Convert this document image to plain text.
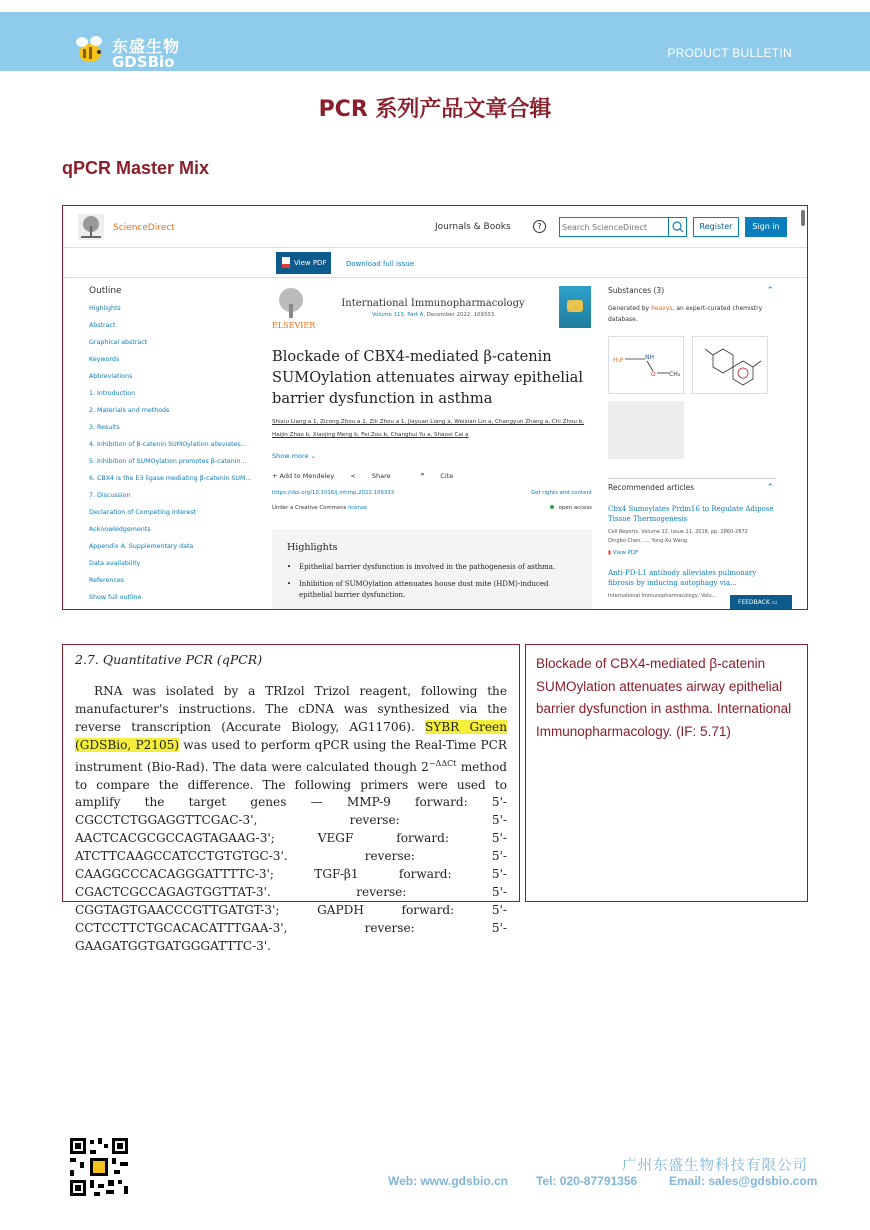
东盛生物
GDSBio	PRODUCT BULLETIN
PCR 系列产品文章合辑
qPCR Master Mix
ScienceDirect	Journals & Books	?
Search ScienceDirect	Register	Sign in
View PDF	Download full issue
Outline
Highlights
Abstract
Graphical abstract
Keywords
Abbreviations
1. Introduction
2. Materials and methods
3. Results
4. Inhibition of β-catenin SUMOylation alleviates...
5. Inhibition of SUMOylation promotes β-catenin...
6. CBX4 is the E3 ligase mediating β-catenin SUM...
7. Discussion
Declaration of Competing Interest
Acknowledgements
Appendix A. Supplementary data
Data availability
References
Show full outline
ELSEVIER
International Immunopharmacology
Volume 113, Part A, December 2022, 109333
Blockade of CBX4-mediated β-catenin SUMOylation attenuates airway epithelial barrier dysfunction in asthma
Shixiu Liang a 1, Zicong Zhou a 1, Zili Zhou a 1, Jiayuan Liang a, Weixian Lin a, Changyun Zhang a, Chi Zhou b, Haijin Zhao b, Xiaojing Meng b, Fei Zou b, Changhui Yu a, Shaoxi Cai a
Show more ⌄
+ Add to Mendeley < Share	❞ Cite
https://doi.org/10.1016/j.intimp.2022.109333	Get rights and content
Under a Creative Commons license	open access
Highlights
• Epithelial barrier dysfunction is involved in the pathogenesis of asthma.
• Inhibition of SUMOylation attenuates house dust mite (HDM)-induced epithelial barrier dysfunction.
Substances (3)	⌃
Generated by Reaxys, an expert-curated chemistry database.
H₂P	NH
O CH₃
Recommended articles	⌃
Cbx4 Sumoylates Prdm16 to Regulate Adipose Tissue Thermogenesis
Cell Reports, Volume 22, Issue 11, 2018, pp. 2860-2872
Qingbo Chen, ..., Yong-Xu Wang
▮ View PDF
Anti-PD-L1 antibody alleviates pulmonary fibrosis by inducing autophagy via...
International Immunopharmacology, Volu...
FEEDBACK ▭
2.7. Quantitative PCR (qPCR)
RNA was isolated by a TRIzol Trizol reagent, following the manufacturer's instructions. The cDNA was synthesized via the reverse transcription (Accurate Biology, AG11706). SYBR Green (GDSBio, P2105) was used to perform qPCR using the Real-Time PCR instrument (Bio-Rad). The data were calculated though $2^{-\Delta\Delta Ct}$ method to compare the difference. The following primers were used to amplify the target genes — MMP-9 forward: 5'-CGCCTCTGGAGGTTCGAC-3', reverse: 5'-AACTCACGCGCCAGTAGAAG-3'; VEGF forward: 5'-ATCTTCAAGCCATCCTGTGTGC-3'. reverse: 5'-CAAGGCCCACAGGGATTTTC-3'; TGF-β1 forward: 5'-CGACTCGCCAGAGTGGTTAT-3'. reverse: 5'-CGGTAGTGAACCCGTTGATGT-3'; GAPDH forward: 5'-CCTCCTTCTGCACACATTTGAA-3', reverse: 5'-GAAGATGGTGATGGGATTTC-3'.

Blockade of CBX4-mediated β-catenin SUMOylation attenuates airway epithelial barrier dysfunction in asthma. International Immunopharmacology. (IF: 5.71)

广州东盛生物科技有限公司
Web: www.gdsbio.cn Tel: 020-87791356	Email: sales@gdsbio.com
